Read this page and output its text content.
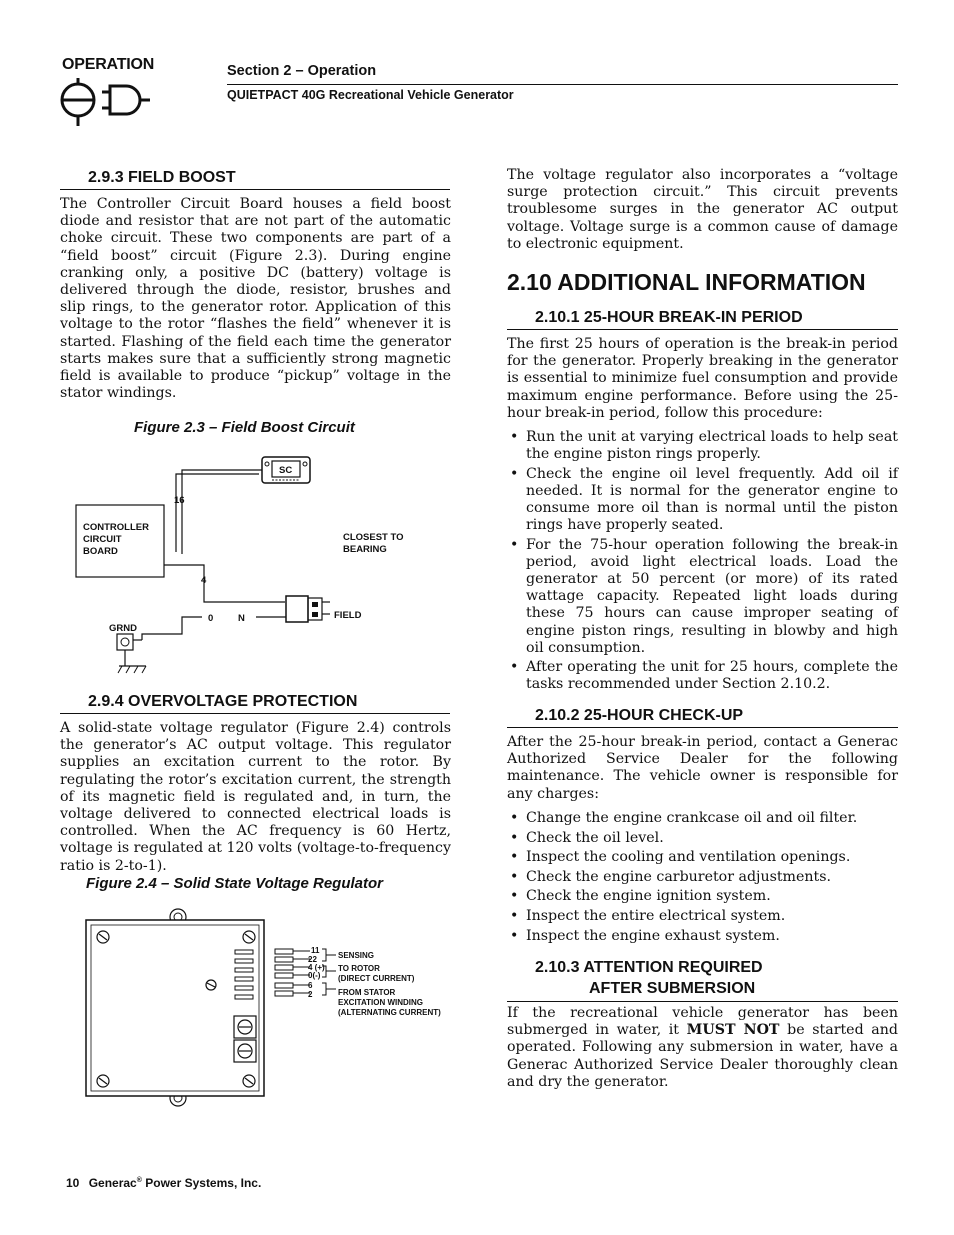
OPERATION	Section 2 – Operation
QUIETPACT 40G Recreational Vehicle Generator
2.9.3 FIELD BOOST
The Controller Circuit Board houses a field boost diode and resistor that are not part of the automatic choke circuit. These two components are part of a “field boost” circuit (Figure 2.3). During engine cranking only, a positive DC (battery) voltage is delivered through the diode, resistor, brushes and slip rings, to the generator rotor. Application of this voltage to the rotor “flashes the field” whenever it is started. Flashing of the field each time the generator starts makes sure that a sufficiently strong magnetic field is available to produce “pickup” voltage in the stator windings.
Figure 2.3 – Field Boost Circuit
SC
16
CONTROLLER
CIRCUIT
BOARD
CLOSEST TO
BEARING
4
FIELD
N
0
GRND
2.9.4 OVERVOLTAGE PROTECTION
A solid-state voltage regulator (Figure 2.4) controls the generator’s AC output voltage. This regulator supplies an excitation current to the rotor. By regulating the rotor’s excitation current, the strength of its magnetic field is regulated and, in turn, the voltage delivered to connected electrical loads is controlled. When the AC frequency is 60 Hertz, voltage is regulated at 120 volts (voltage-to-frequency ratio is 2-to-1).
Figure 2.4 – Solid State Voltage Regulator
11
22
4 (+)
0(-)
6
2
SENSING
TO ROTOR
(DIRECT CURRENT)
FROM STATOR
EXCITATION WINDING
(ALTERNATING CURRENT)
The voltage regulator also incorporates a “voltage surge protection circuit.” This circuit prevents troublesome surges in the generator AC output voltage. Voltage surge is a common cause of damage to electronic equipment.
2.10 ADDITIONAL INFORMATION
2.10.1 25-HOUR BREAK-IN PERIOD
The first 25 hours of operation is the break-in period for the generator. Properly breaking in the generator is essential to minimize fuel consumption and provide maximum engine performance. Before using the 25-hour break-in period, follow this procedure:
• Run the unit at varying electrical loads to help seat the engine piston rings properly.
• Check the engine oil level frequently. Add oil if needed. It is normal for the generator engine to consume more oil than is normal until the piston rings have properly seated.
• For the 75-hour operation following the break-in period, avoid light electrical loads. Load the generator at 50 percent (or more) of its rated wattage capacity. Repeated light loads during these 75 hours can cause improper seating of engine piston rings, resulting in blowby and high oil consumption.
• After operating the unit for 25 hours, complete the tasks recommended under Section 2.10.2.
2.10.2 25-HOUR CHECK-UP
After the 25-hour break-in period, contact a Generac Authorized Service Dealer for the following maintenance. The vehicle owner is responsible for any charges:
• Change the engine crankcase oil and oil filter.
• Check the oil level.
• Inspect the cooling and ventilation openings.
• Check the engine carburetor adjustments.
• Check the engine ignition system.
• Inspect the entire electrical system.
• Inspect the engine exhaust system.
2.10.3 ATTENTION REQUIRED
AFTER SUBMERSION
If the recreational vehicle generator has been submerged in water, it MUST NOT be started and operated. Following any submersion in water, have a Generac Authorized Service Dealer thoroughly clean and dry the generator.
10 Generac® Power Systems, Inc.
